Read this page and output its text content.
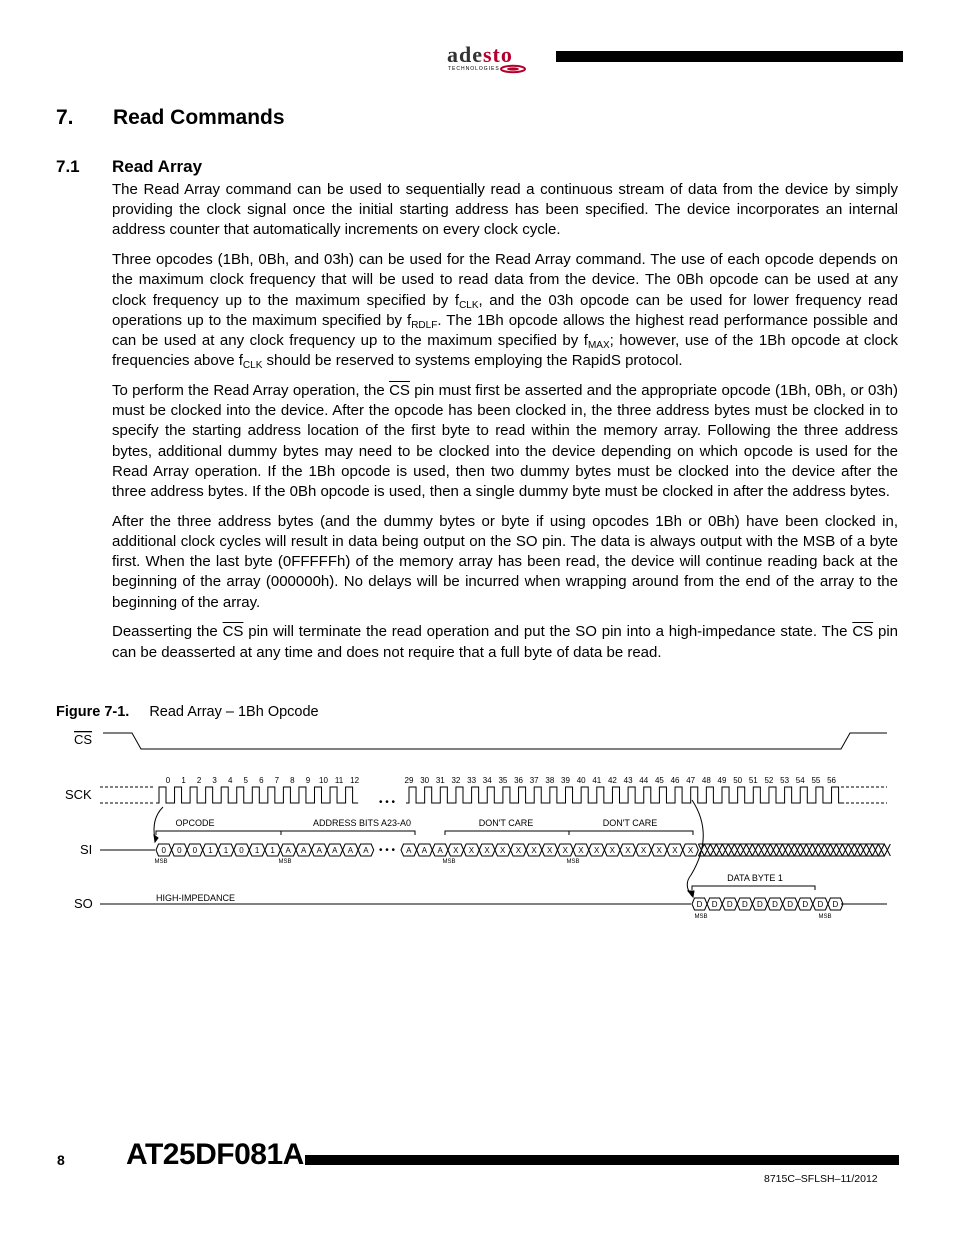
adesto
TECHNOLOGIES
7. Read Commands
7.1 Read Array

The Read Array command can be used to sequentially read a continuous stream of data from the device by simply providing the clock signal once the initial starting address has been specified. The device incorporates an internal address counter that automatically increments on every clock cycle.

Three opcodes (1Bh, 0Bh, and 03h) can be used for the Read Array command. The use of each opcode depends on the maximum clock frequency that will be used to read data from the device. The 0Bh opcode can be used at any clock frequency up to the maximum specified by $f_{CLK}$, and the 03h opcode can be used for lower frequency read operations up to the maximum specified by $f_{RDLF}$. The 1Bh opcode allows the highest read performance possible and can be used at any clock frequency up to the maximum specified by $f_{MAX}$; however, use of the 1Bh opcode at clock frequencies above $f_{CLK}$ should be reserved to systems employing the RapidS protocol.

To perform the Read Array operation, the $\overline{CS}$ pin must first be asserted and the appropriate opcode (1Bh, 0Bh, or 03h) must be clocked into the device. After the opcode has been clocked in, the three address bytes must be clocked in to specify the starting address location of the first byte to read within the memory array. Following the three address bytes, additional dummy bytes may need to be clocked into the device depending on which opcode is used for the Read Array operation. If the 1Bh opcode is used, then two dummy bytes must be clocked into the device after the three address bytes. If the 0Bh opcode is used, then a single dummy byte must be clocked in after the address bytes.

After the three address bytes (and the dummy bytes or byte if using opcodes 1Bh or 0Bh) have been clocked in, additional clock cycles will result in data being output on the SO pin. The data is always output with the MSB of a byte first. When the last byte (0FFFFFh) of the memory array has been read, the device will continue reading back at the beginning of the array (000000h). No delays will be incurred when wrapping around from the end of the array to the beginning of the array.

Deasserting the $\overline{CS}$ pin will terminate the read operation and put the SO pin into a high-impedance state. The $\overline{CS}$ pin can be deasserted at any time and does not require that a full byte of data be read.

Figure 7-1. Read Array – 1Bh Opcode
0 1 2 3 4 5 6 7 8 9 10 11 12	29 30 31 32 33 34 35 36 37 38 39 40 41 42 43 44 45 46 47 48 49 50 51 52 53 54 55 56
0 0 0 1 1 0 1 1 A A A A A A	A A A X X X X X X X X X X X X X X X X
D D D D D D D D D D
MSB	MSB	MSB	MSB
MSB	MSB
CS
SCK
SI
SO
OPCODE	ADDRESS BITS A23-A0	DON'T CARE	DON'T CARE
DATA BYTE 1
HIGH-IMPEDANCE
• • •
• • •
8 AT25DF081A
8715C–SFLSH–11/2012
